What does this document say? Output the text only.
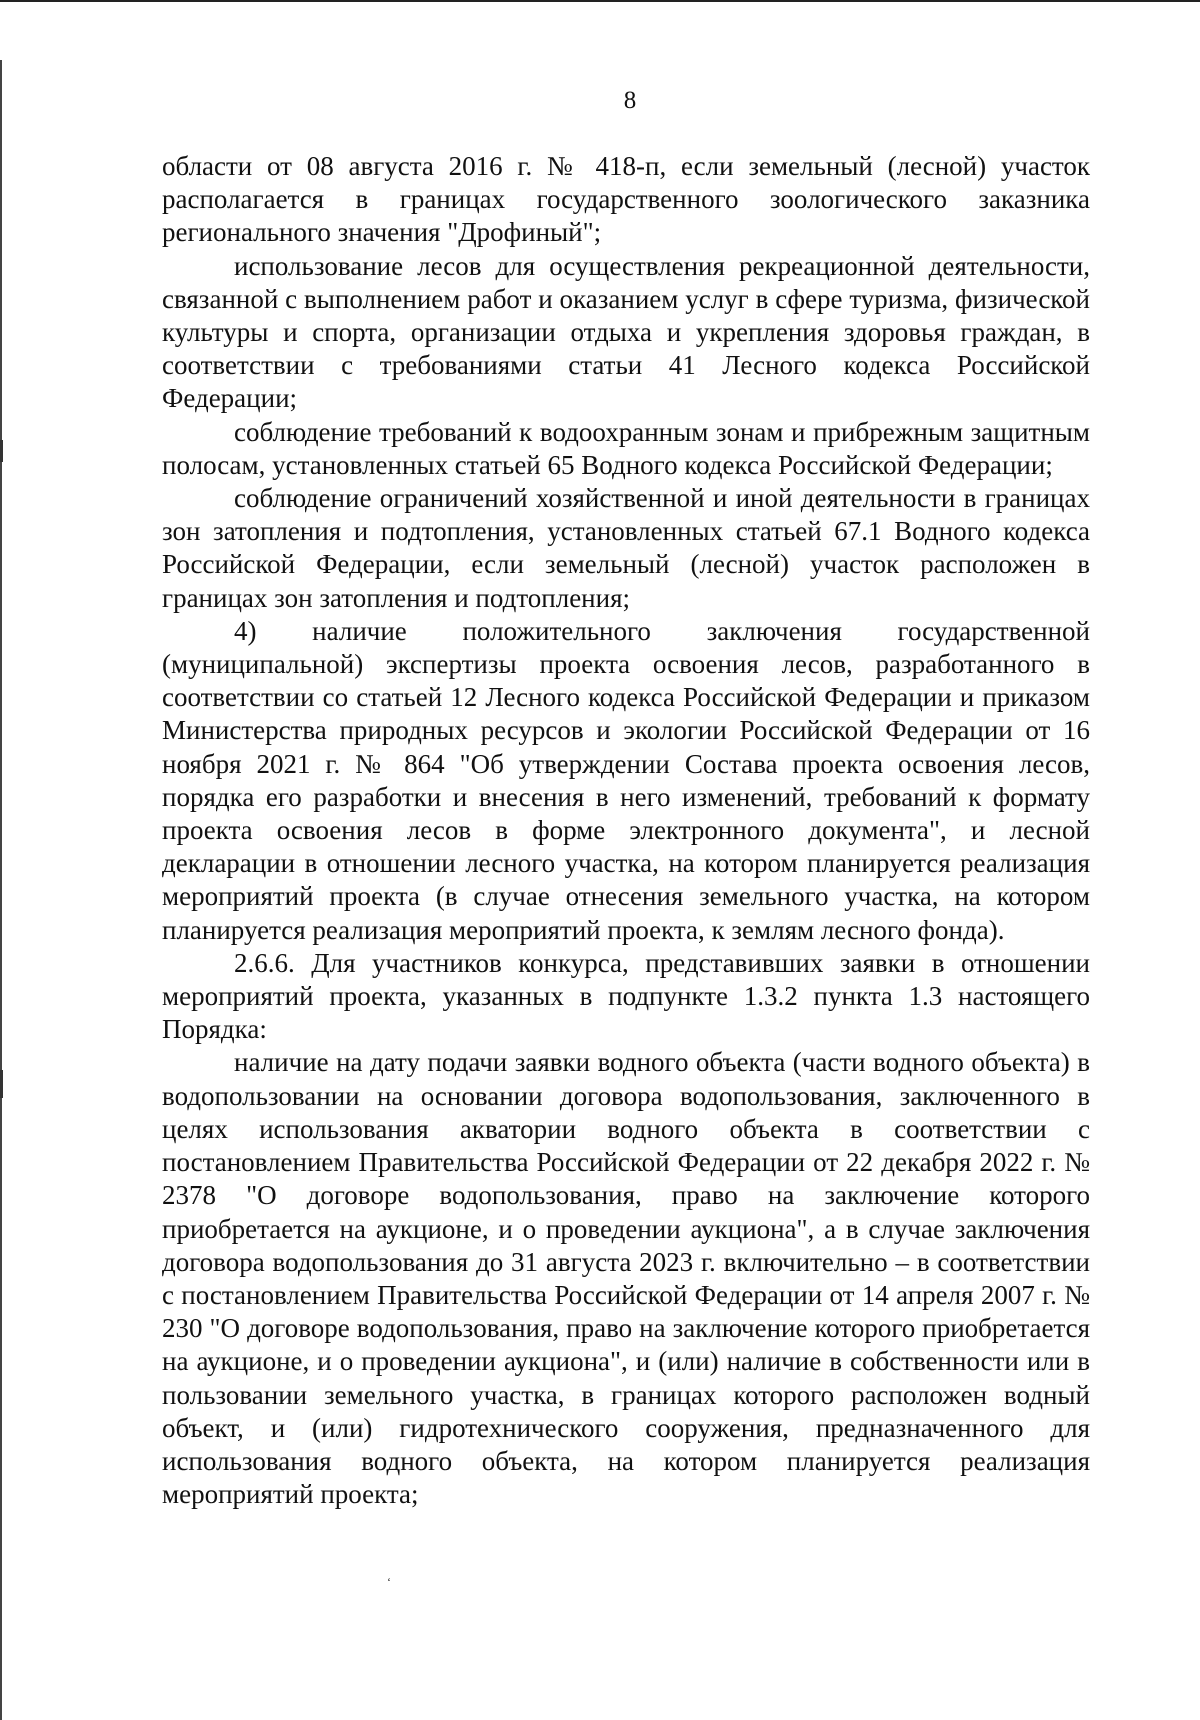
8

области от 08 августа 2016 г. № 418-п, если земельный (лесной) участок располагается в границах государственного зоологического заказника регионального значения "Дрофиный";

использование лесов для осуществления рекреационной деятельности, связанной с выполнением работ и оказанием услуг в сфере туризма, физической культуры и спорта, организации отдыха и укрепления здоровья граждан, в соответствии с требованиями статьи 41 Лесного кодекса Российской Федерации;

соблюдение требований к водоохранным зонам и прибрежным защитным полосам, установленных статьей 65 Водного кодекса Российской Федерации;

соблюдение ограничений хозяйственной и иной деятельности в границах зон затопления и подтопления, установленных статьей 67.1 Водного кодекса Российской Федерации, если земельный (лесной) участок расположен в границах зон затопления и подтопления;

4) наличие положительного заключения государственной (муниципальной) экспертизы проекта освоения лесов, разработанного в соответствии со статьей 12 Лесного кодекса Российской Федерации и приказом Министерства природных ресурсов и экологии Российской Федерации от 16 ноября 2021 г. № 864 "Об утверждении Состава проекта освоения лесов, порядка его разработки и внесения в него изменений, требований к формату проекта освоения лесов в форме электронного документа", и лесной декларации в отношении лесного участка, на котором планируется реализация мероприятий проекта (в случае отнесения земельного участка, на котором планируется реализация мероприятий проекта, к землям лесного фонда).

2.6.6. Для участников конкурса, представивших заявки в отношении мероприятий проекта, указанных в подпункте 1.3.2 пункта 1.3 настоящего Порядка:

наличие на дату подачи заявки водного объекта (части водного объекта) в водопользовании на основании договора водопользования, заключенного в целях использования акватории водного объекта в соответствии с постановлением Правительства Российской Федерации от 22 декабря 2022 г. № 2378 "О договоре водопользования, право на заключение которого приобретается на аукционе, и о проведении аукциона", а в случае заключения договора водопользования до 31 августа 2023 г. включительно – в соответствии с постановлением Правительства Российской Федерации от 14 апреля 2007 г. № 230 "О договоре водопользования, право на заключение которого приобретается на аукционе, и о проведении аукциона", и (или) наличие в собственности или в пользовании земельного участка, в границах которого расположен водный объект, и (или) гидротехнического сооружения, предназначенного для использования водного объекта, на котором планируется реализация мероприятий проекта;

‘
